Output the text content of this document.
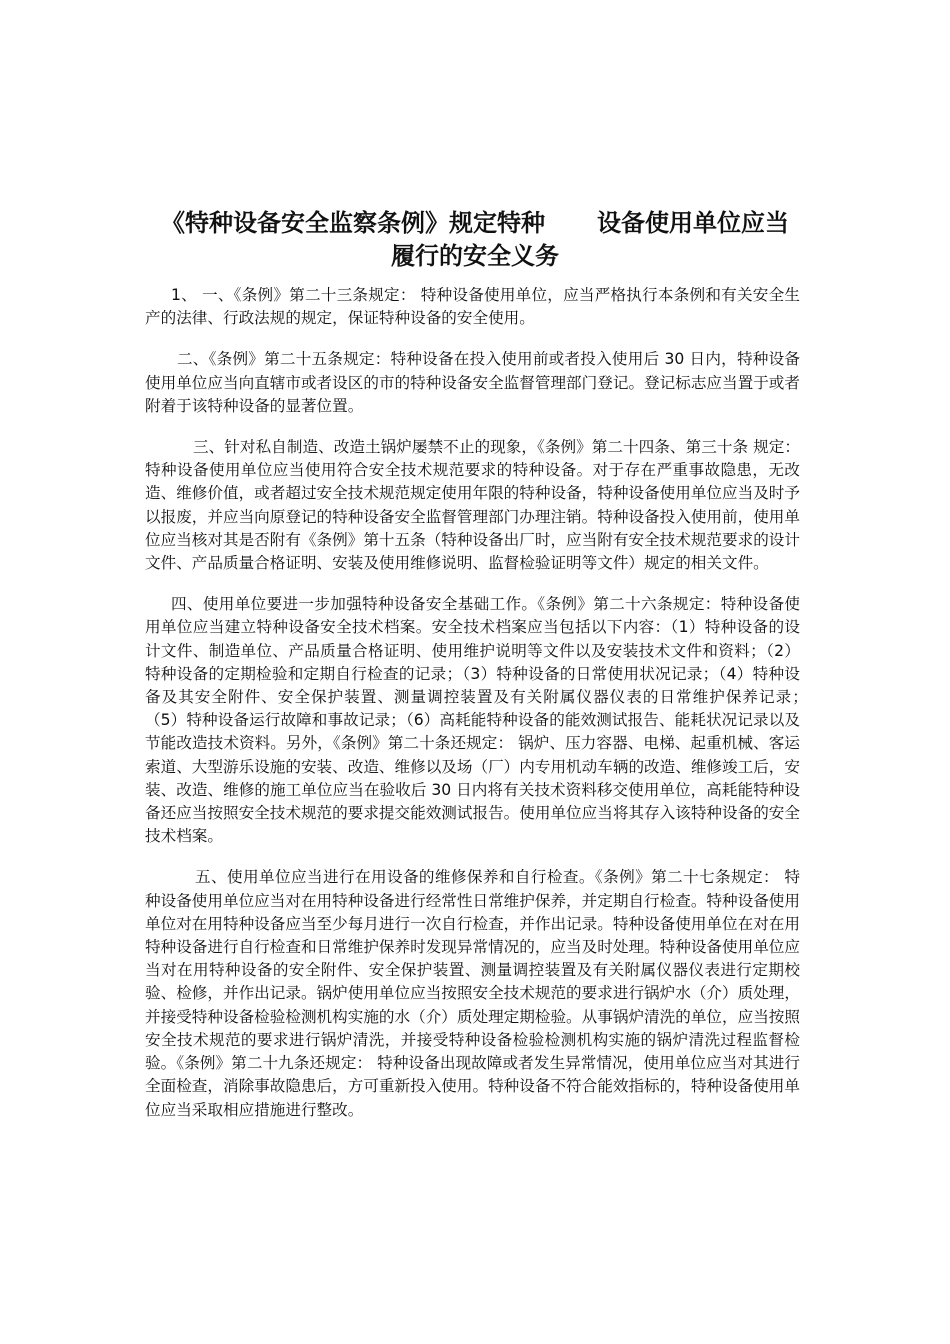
《特种设备安全监察条例》规定特种 设备使用单位应当履行的安全义务

1、 一、《条例》第二十三条规定： 特种设备使用单位，应当严格执行本条例和有关安全生产的法律、行政法规的规定，保证特种设备的安全使用。

二、《条例》第二十五条规定：特种设备在投入使用前或者投入使用后 30 日内，特种设备使用单位应当向直辖市或者设区的市的特种设备安全监督管理部门登记。登记标志应当置于或者附着于该特种设备的显著位置。

三、针对私自制造、改造土锅炉屡禁不止的现象，《条例》第二十四条、第三十条 规定：特种设备使用单位应当使用符合安全技术规范要求的特种设备。对于存在严重事故隐患，无改造、维修价值，或者超过安全技术规范规定使用年限的特种设备，特种设备使用单位应当及时予以报废，并应当向原登记的特种设备安全监督管理部门办理注销。特种设备投入使用前，使用单位应当核对其是否附有《条例》第十五条（特种设备出厂时，应当附有安全技术规范要求的设计文件、产品质量合格证明、安装及使用维修说明、监督检验证明等文件）规定的相关文件。

四、使用单位要进一步加强特种设备安全基础工作。《条例》第二十六条规定：特种设备使用单位应当建立特种设备安全技术档案。安全技术档案应当包括以下内容：（1）特种设备的设计文件、制造单位、产品质量合格证明、使用维护说明等文件以及安装技术文件和资料；（2）特种设备的定期检验和定期自行检查的记录；（3）特种设备的日常使用状况记录；（4）特种设备及其安全附件、安全保护装置、测量调控装置及有关附属仪器仪表的日常维护保养记录；　（5）特种设备运行故障和事故记录；（6）高耗能特种设备的能效测试报告、能耗状况记录以及节能改造技术资料。另外，《条例》第二十条还规定： 锅炉、压力容器、电梯、起重机械、客运索道、大型游乐设施的安装、改造、维修以及场（厂）内专用机动车辆的改造、维修竣工后，安装、改造、维修的施工单位应当在验收后 30 日内将有关技术资料移交使用单位，高耗能特种设备还应当按照安全技术规范的要求提交能效测试报告。使用单位应当将其存入该特种设备的安全技术档案。

五、使用单位应当进行在用设备的维修保养和自行检查。《条例》第二十七条规定： 特种设备使用单位应当对在用特种设备进行经常性日常维护保养，并定期自行检查。特种设备使用单位对在用特种设备应当至少每月进行一次自行检查，并作出记录。特种设备使用单位在对在用特种设备进行自行检查和日常维护保养时发现异常情况的，应当及时处理。特种设备使用单位应当对在用特种设备的安全附件、安全保护装置、测量调控装置及有关附属仪器仪表进行定期校验、检修，并作出记录。锅炉使用单位应当按照安全技术规范的要求进行锅炉水（介）质处理，并接受特种设备检验检测机构实施的水（介）质处理定期检验。从事锅炉清洗的单位，应当按照安全技术规范的要求进行锅炉清洗，并接受特种设备检验检测机构实施的锅炉清洗过程监督检验。《条例》第二十九条还规定： 特种设备出现故障或者发生异常情况，使用单位应当对其进行全面检查，消除事故隐患后，方可重新投入使用。特种设备不符合能效指标的，特种设备使用单位应当采取相应措施进行整改。
